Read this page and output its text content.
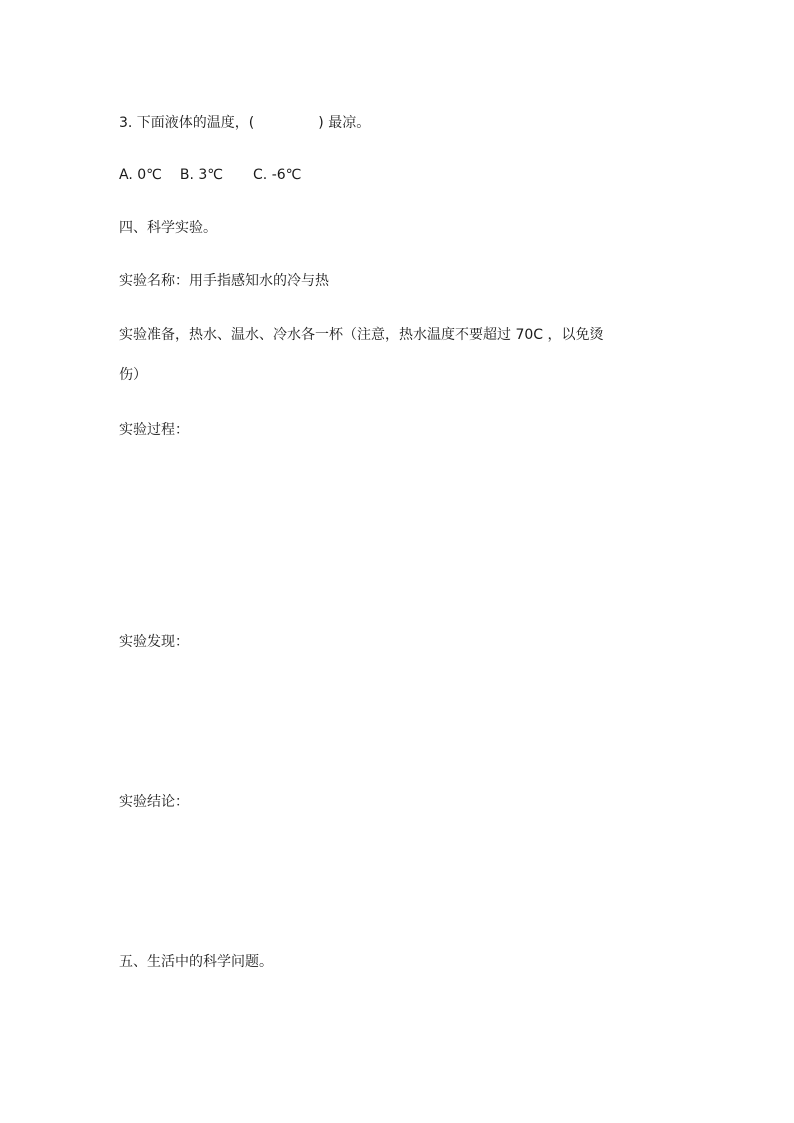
3. 下面液体的温度，(	) 最凉。
A. 0℃ B. 3℃ C. -6℃
四、科学实验。
实验名称：用手指感知水的冷与热
实验准备，热水、温水、冷水各一杯（注意，热水温度不要超过 70C ，以免烫
伤）
实验过程：
实验发现：
实验结论：
五、生活中的科学问题。
